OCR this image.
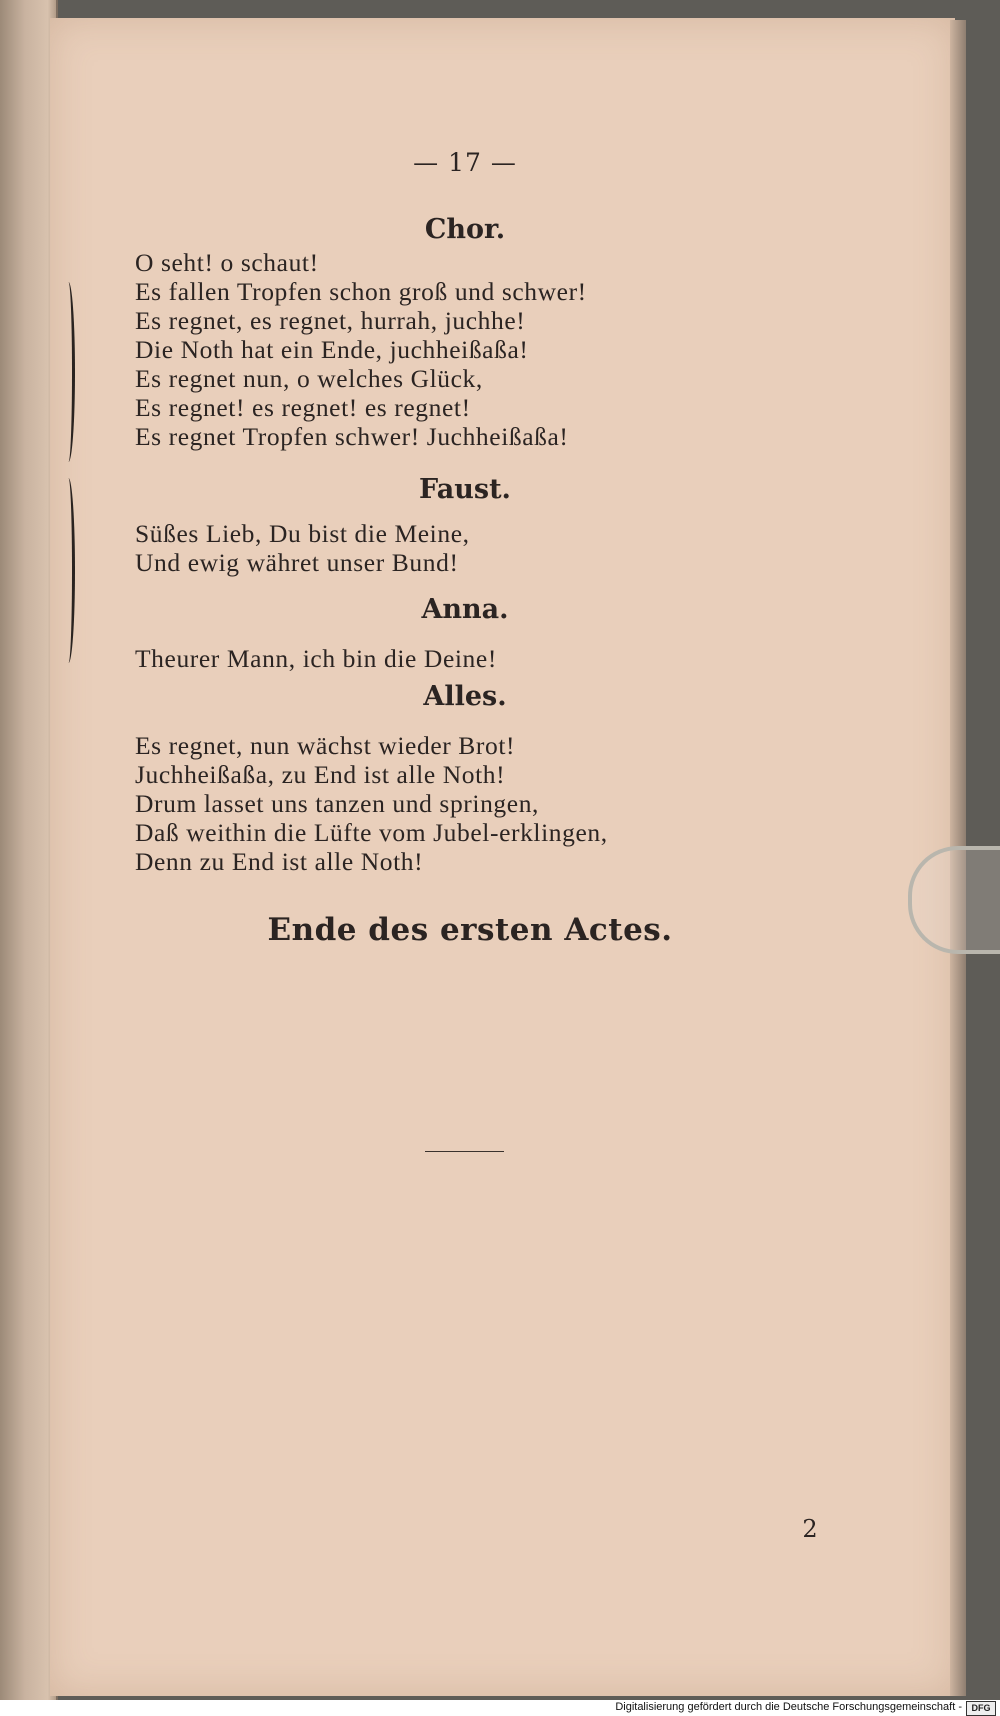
— 17 —
Chor.
O seht! o schaut!
Es fallen Tropfen schon groß und schwer!
Es regnet, es regnet, hurrah, juchhe!
Die Noth hat ein Ende, juchheißaßa!
Es regnet nun, o welches Glück,
Es regnet! es regnet! es regnet!
Es regnet Tropfen schwer! Juchheißaßa!
Faust.
Süßes Lieb, Du bist die Meine,
Und ewig währet unser Bund!
Anna.
Theurer Mann, ich bin die Deine!
Alles.
Es regnet, nun wächst wieder Brot!
Juchheißaßa, zu End ist alle Noth!
Drum lasset uns tanzen und springen,
Daß weithin die Lüfte vom Jubel-erklingen,
Denn zu End ist alle Noth!
Ende des ersten Actes.
2
Digitalisierung gefördert durch die Deutsche Forschungsgemeinschaft -	DFG
